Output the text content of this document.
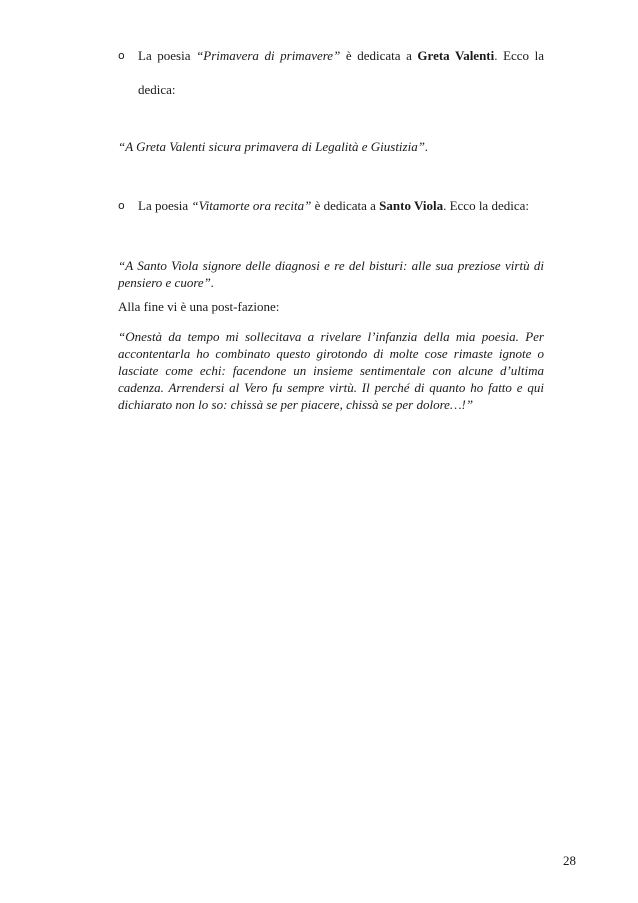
o	La poesia “Primavera di primavere” è dedicata a Greta Valenti. Ecco la
dedica:
“A Greta Valenti sicura primavera di Legalità e Giustizia”.
o	La poesia “Vitamorte ora recita” è dedicata a Santo Viola. Ecco la dedica:
“A Santo Viola signore delle diagnosi e re del bisturi: alle sua preziose virtù di
pensiero e cuore”.
Alla fine vi è una post-fazione:
“Onestà da tempo mi sollecitava a rivelare l’infanzia della mia poesia. Per
accontentarla ho combinato questo girotondo di molte cose rimaste ignote o
lasciate come echi: facendone un insieme sentimentale con alcune d’ultima
cadenza. Arrendersi al Vero fu sempre virtù. Il perché di quanto ho fatto e qui
dichiarato non lo so: chissà se per piacere, chissà se per dolore…!”
28
